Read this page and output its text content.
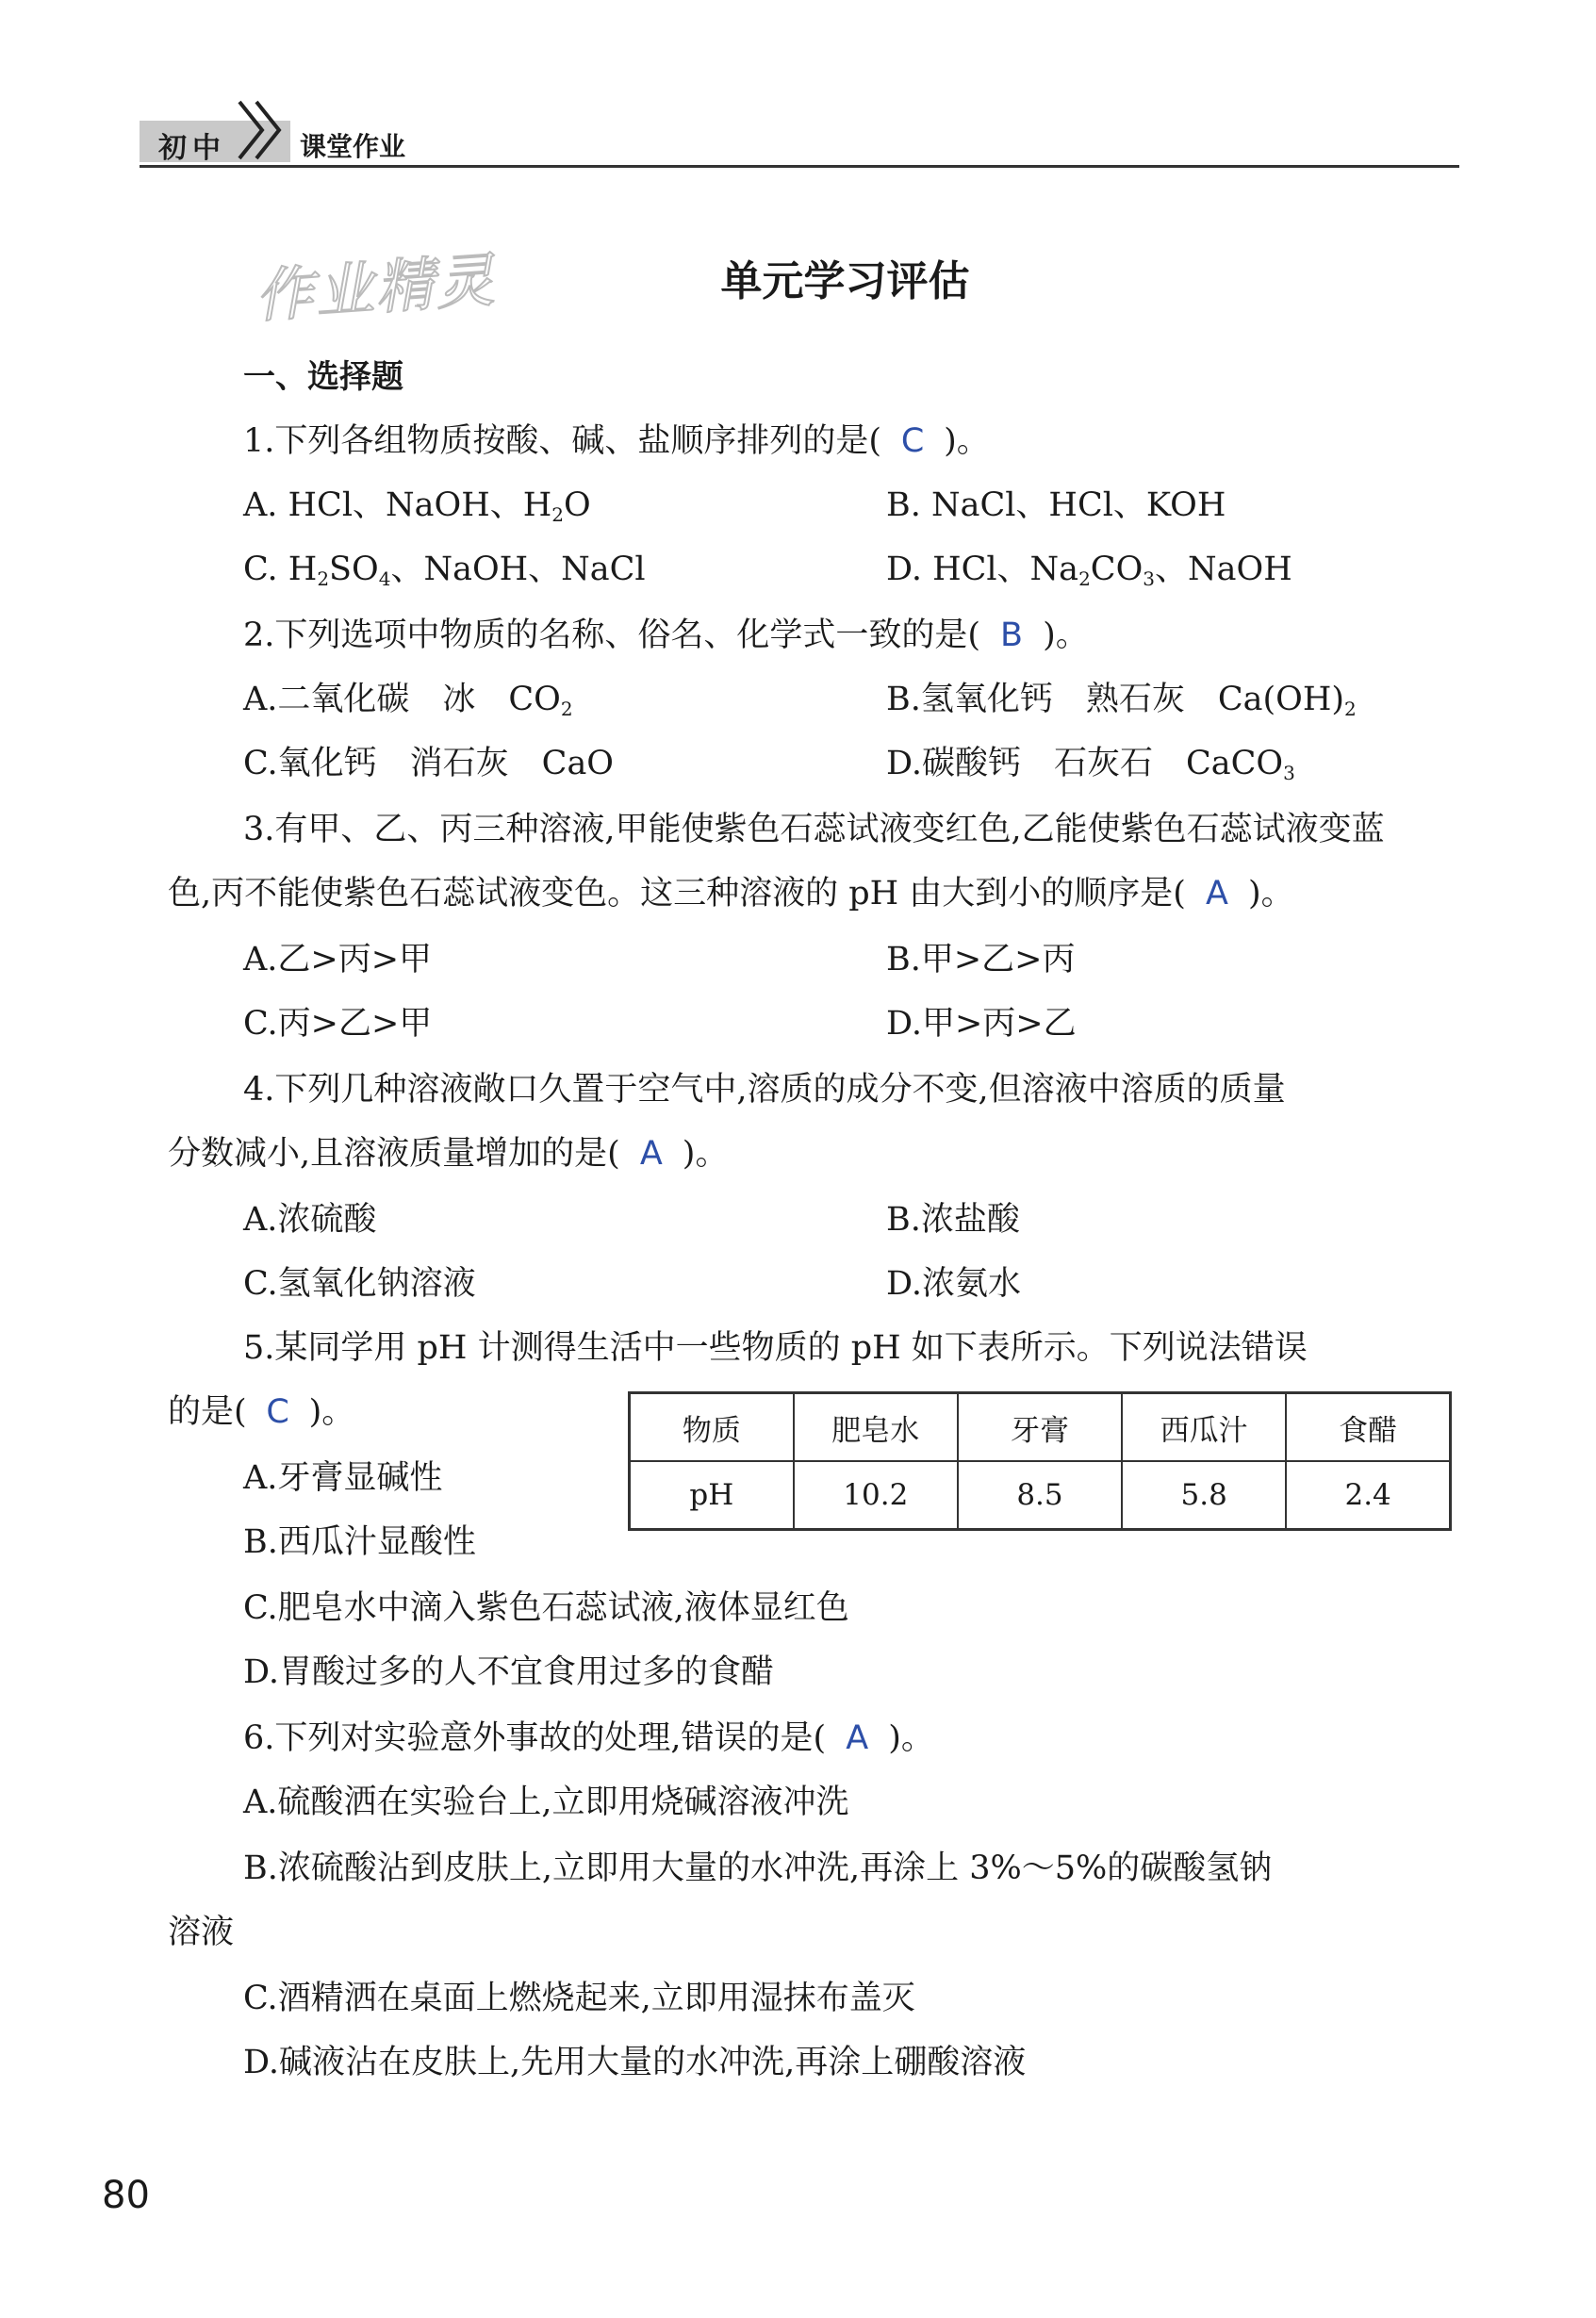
初中	课堂作业
作业精灵	单元学习评估
一、选择题
1.下列各组物质按酸、碱、盐顺序排列的是( C )。
A. HCl、NaOH、$H_2O$	B. NaCl、HCl、KOH
C. $H_2SO_4$、NaOH、NaCl	D. HCl、$Na_2CO_3$、NaOH
2.下列选项中物质的名称、俗名、化学式一致的是( B )。
A.二氧化碳　冰　$CO_2$	B.氢氧化钙　熟石灰　$Ca(OH)_2$
C.氧化钙　消石灰　CaO	D.碳酸钙　石灰石　CaCO$_3$
3.有甲、乙、丙三种溶液,甲能使紫色石蕊试液变红色,乙能使紫色石蕊试液变蓝
色,丙不能使紫色石蕊试液变色。这三种溶液的 pH 由大到小的顺序是( A )。
A.乙>丙>甲	B.甲>乙>丙
C.丙>乙>甲	D.甲>丙>乙
4.下列几种溶液敞口久置于空气中,溶质的成分不变,但溶液中溶质的质量
分数减小,且溶液质量增加的是( A )。
A.浓硫酸	B.浓盐酸
C.氢氧化钠溶液	D.浓氨水
5.某同学用 pH 计测得生活中一些物质的 pH 如下表所示。下列说法错误
的是( C )。	物质	肥皂水	牙膏	西瓜汁	食醋
pH	10.2	8.5	5.8	2.4
A.牙膏显碱性
B.西瓜汁显酸性
C.肥皂水中滴入紫色石蕊试液,液体显红色
D.胃酸过多的人不宜食用过多的食醋
6.下列对实验意外事故的处理,错误的是( A )。
A.硫酸洒在实验台上,立即用烧碱溶液冲洗
B.浓硫酸沾到皮肤上,立即用大量的水冲洗,再涂上 3%～5%的碳酸氢钠
溶液
C.酒精洒在桌面上燃烧起来,立即用湿抹布盖灭
D.碱液沾在皮肤上,先用大量的水冲洗,再涂上硼酸溶液
80
